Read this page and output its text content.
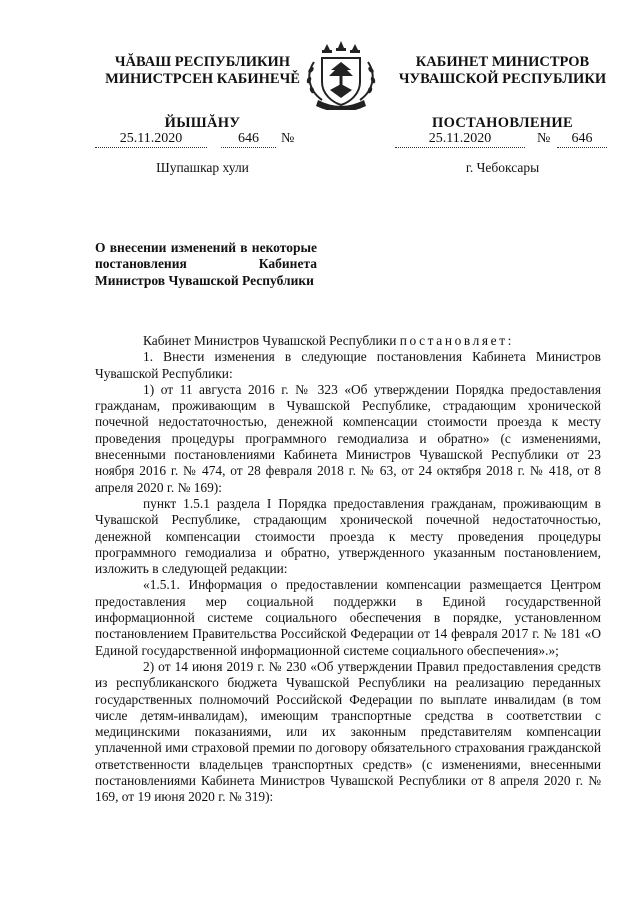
ЧĂВАШ РЕСПУБЛИКИН
МИНИСТРСЕН КАБИНЕЧĚ
ЙЫШĂНУ
КАБИНЕТ МИНИСТРОВ
ЧУВАШСКОЙ РЕСПУБЛИКИ
ПОСТАНОВЛЕНИЕ
25.11.2020	646	№	25.11.2020	№	646
Шупашкар хули	г. Чебоксары
О внесении изменений в некоторые постановления Кабинета Министров Чувашской Республики

Кабинет Министров Чувашской Республики постановляет:

1. Внести изменения в следующие постановления Кабинета Министров Чувашской Республики:

1) от 11 августа 2016 г. № 323 «Об утверждении Порядка предоставления гражданам, проживающим в Чувашской Республике, страдающим хронической почечной недостаточностью, денежной компенсации стоимости проезда к месту проведения процедуры программного гемодиализа и обратно» (с изменениями, внесенными постановлениями Кабинета Министров Чувашской Республики от 23 ноября 2016 г. № 474, от 28 февраля 2018 г. № 63, от 24 октября 2018 г. № 418, от 8 апреля 2020 г. № 169):

пункт 1.5.1 раздела I Порядка предоставления гражданам, проживающим в Чувашской Республике, страдающим хронической почечной недостаточностью, денежной компенсации стоимости проезда к месту проведения процедуры программного гемодиализа и обратно, утвержденного указанным постановлением, изложить в следующей редакции:

«1.5.1. Информация о предоставлении компенсации размещается Центром предоставления мер социальной поддержки в Единой государственной информационной системе социального обеспечения в порядке, установленном постановлением Правительства Российской Федерации от 14 февраля 2017 г. № 181 «О Единой государственной информационной системе социального обеспечения».»;

2) от 14 июня 2019 г. № 230 «Об утверждении Правил предоставления средств из республиканского бюджета Чувашской Республики на реализацию переданных государственных полномочий Российской Федерации по выплате инвалидам (в том числе детям-инвалидам), имеющим транспортные средства в соответствии с медицинскими показаниями, или их законным представителям компенсации уплаченной ими страховой премии по договору обязательного страхования гражданской ответственности владельцев транспортных средств» (с изменениями, внесенными постановлениями Кабинета Министров Чувашской Республики от 8 апреля 2020 г. № 169, от 19 июня 2020 г. № 319):
